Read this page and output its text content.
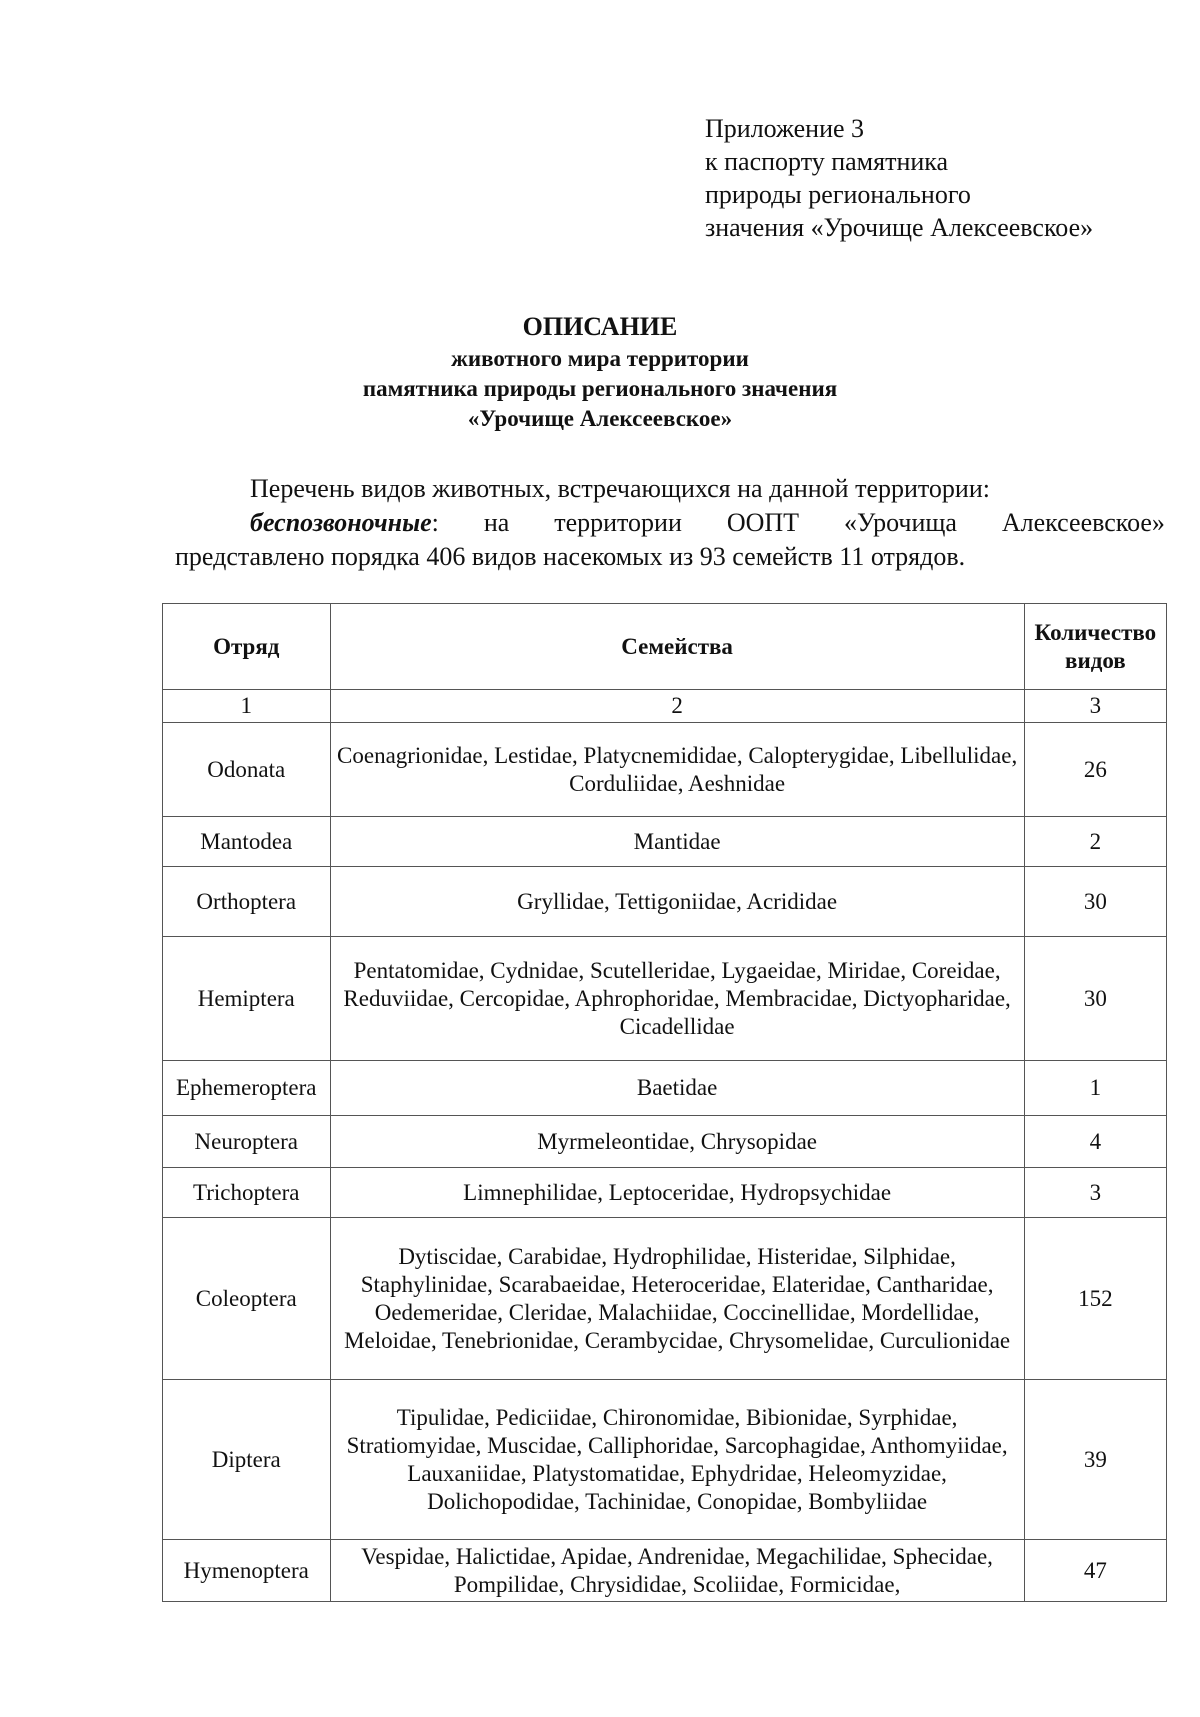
Приложение 3
к паспорту памятника
природы регионального
значения «Урочище Алексеевское»
ОПИСАНИЕ
животного мира территории
памятника природы регионального значения
«Урочище Алексеевское»
Перечень видов животных, встречающихся на данной территории:
беспозвоночные: на территории ООПТ «Урочища Алексеевское»
представлено порядка 406 видов насекомых из 93 семейств 11 отрядов.
Отряд	Семейства	Количество видов
1	2	3
Odonata	Coenagrionidae, Lestidae, Platycnemididae, Calopterygidae, Libellulidae, Corduliidae, Aeshnidae	26
Mantodea	Mantidae	2
Orthoptera	Gryllidae, Tettigoniidae, Acrididae	30
Hemiptera	Pentatomidae, Cydnidae, Scutelleridae, Lygaeidae, Miridae, Coreidae, Reduviidae, Cercopidae, Aphrophoridae, Membracidae, Dictyopharidae, Cicadellidae	30
Ephemeroptera	Baetidae	1
Neuroptera	Myrmeleontidae, Chrysopidae	4
Trichoptera	Limnephilidae, Leptoceridae, Hydropsychidae	3
Coleoptera	Dytiscidae, Carabidae, Hydrophilidae, Histeridae, Silphidae, Staphylinidae, Scarabaeidae, Heteroceridae, Elateridae, Cantharidae, Oedemeridae, Cleridae, Malachiidae, Coccinellidae, Mordellidae, Meloidae, Tenebrionidae, Cerambycidae, Chrysomelidae, Curculionidae	152
Diptera	Tipulidae, Pediciidae, Chironomidae, Bibionidae, Syrphidae, Stratiomyidae, Muscidae, Calliphoridae, Sarcophagidae, Anthomyiidae, Lauxaniidae, Platystomatidae, Ephydridae, Heleomyzidae, Dolichopodidae, Tachinidae, Conopidae, Bombyliidae	39
Hymenoptera	Vespidae, Halictidae, Apidae, Andrenidae, Megachilidae, Sphecidae, Pompilidae, Chrysididae, Scoliidae, Formicidae,	47
